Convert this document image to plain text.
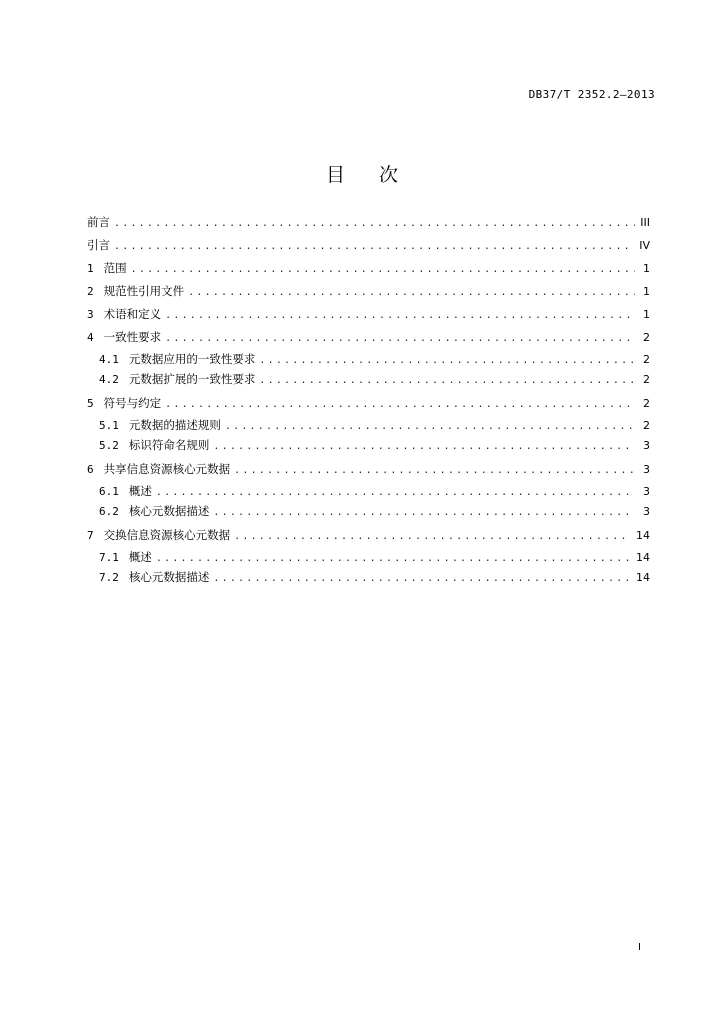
DB37/T 2352.2—2013
目次
前言 .....	III
引言 .....	IV
1 范围 .....	1
2 规范性引用文件 .....	1
3 术语和定义 .....	1
4 一致性要求 .....	2
4.1 元数据应用的一致性要求 .....	2
4.2 元数据扩展的一致性要求 .....	2
5 符号与约定 .....	2
5.1 元数据的描述规则 .....	2
5.2 标识符命名规则 .....	3
6 共享信息资源核心元数据 .....	3
6.1 概述 .....	3
6.2 核心元数据描述 .....	3
7 交换信息资源核心元数据 .....	14
7.1 概述 .....	14
7.2 核心元数据描述 .....	14
I
